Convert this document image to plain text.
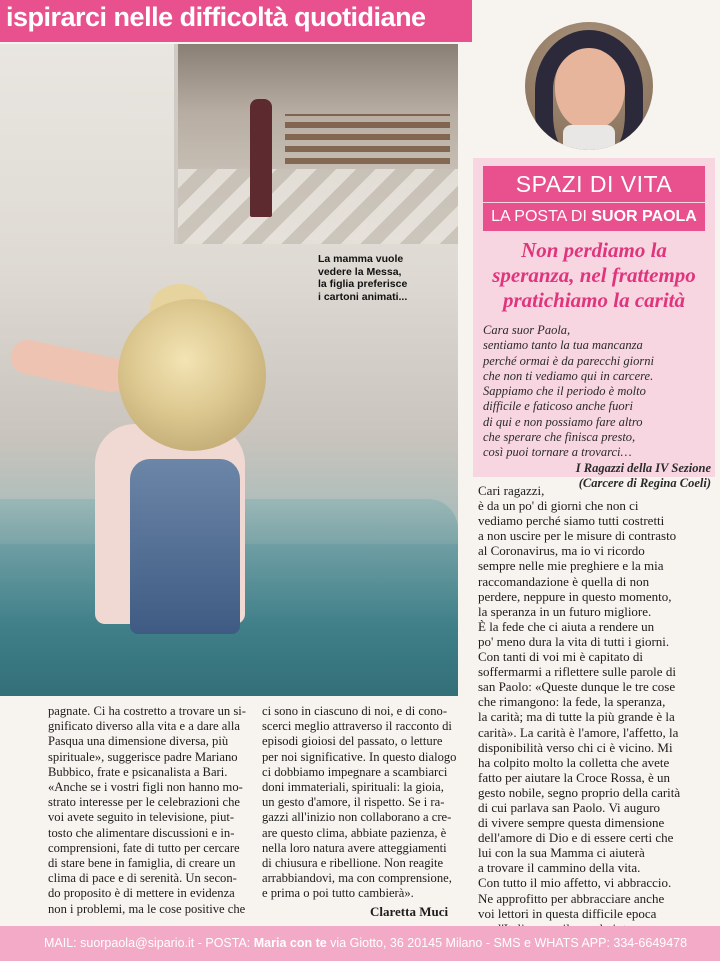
ispirarci nelle difficoltà quotidiane
La mamma vuole
vedere la Messa,
la figlia preferisce
i cartoni animati...
SPAZI DI VITA
LA POSTA DI SUOR PAOLA
Non perdiamo la
speranza, nel frattempo
pratichiamo la carità
Cara suor Paola,
sentiamo tanto la tua mancanza
perché ormai è da parecchi giorni
che non ti vediamo qui in carcere.
Sappiamo che il periodo è molto
difficile e faticoso anche fuori
di qui e non possiamo fare altro
che sperare che finisca presto,
così puoi tornare a trovarci…
I Ragazzi della IV Sezione
(Carcere di Regina Coeli)
Cari ragazzi,
è da un po' di giorni che non ci
vediamo perché siamo tutti costretti
a non uscire per le misure di contrasto
al Coronavirus, ma io vi ricordo
sempre nelle mie preghiere e la mia
raccomandazione è quella di non
perdere, neppure in questo momento,
la speranza in un futuro migliore.
È la fede che ci aiuta a rendere un
po' meno dura la vita di tutti i giorni.
Con tanti di voi mi è capitato di
soffermarmi a riflettere sulle parole di
san Paolo: «Queste dunque le tre cose
che rimangono: la fede, la speranza,
la carità; ma di tutte la più grande è la
carità». La carità è l'amore, l'affetto, la
disponibilità verso chi ci è vicino. Mi
ha colpito molto la colletta che avete
fatto per aiutare la Croce Rossa, è un
gesto nobile, segno proprio della carità
di cui parlava san Paolo. Vi auguro
di vivere sempre questa dimensione
dell'amore di Dio e di essere certi che
lui con la sua Mamma ci aiuterà
a trovare il cammino della vita.
Con tutto il mio affetto, vi abbraccio.
Ne approfitto per abbracciare anche
voi lettori in questa difficile epoca
pagnate. Ci ha costretto a trovare un si-
gnificato diverso alla vita e a dare alla
Pasqua una dimensione diversa, più
spirituale», suggerisce padre Mariano
Bubbico, frate e psicanalista a Bari.
«Anche se i vostri figli non hanno mo-
strato interesse per le celebrazioni che
voi avete seguito in televisione, piut-
tosto che alimentare discussioni e in-
comprensioni, fate di tutto per cercare
di stare bene in famiglia, di creare un
clima di pace e di serenità. Un secon-
do proposito è di mettere in evidenza
non i problemi, ma le cose positive che
ci sono in ciascuno di noi, e di cono-
scerci meglio attraverso il racconto di
episodi gioiosi del passato, o letture
per noi significative. In questo dialogo
ci dobbiamo impegnare a scambiarci
doni immateriali, spirituali: la gioia,
un gesto d'amore, il rispetto. Se i ra-
gazzi all'inizio non collaborano a cre-
are questo clima, abbiate pazienza, è
nella loro natura avere atteggiamenti
di chiusura e ribellione. Non reagite
arrabbiandovi, ma con comprensione,
e prima o poi tutto cambierà».
Claretta Muci
MAIL: suorpaola@sipario.it - POSTA: Maria con te via Giotto, 36 20145 Milano - SMS e WHATS APP: 334-6649478
